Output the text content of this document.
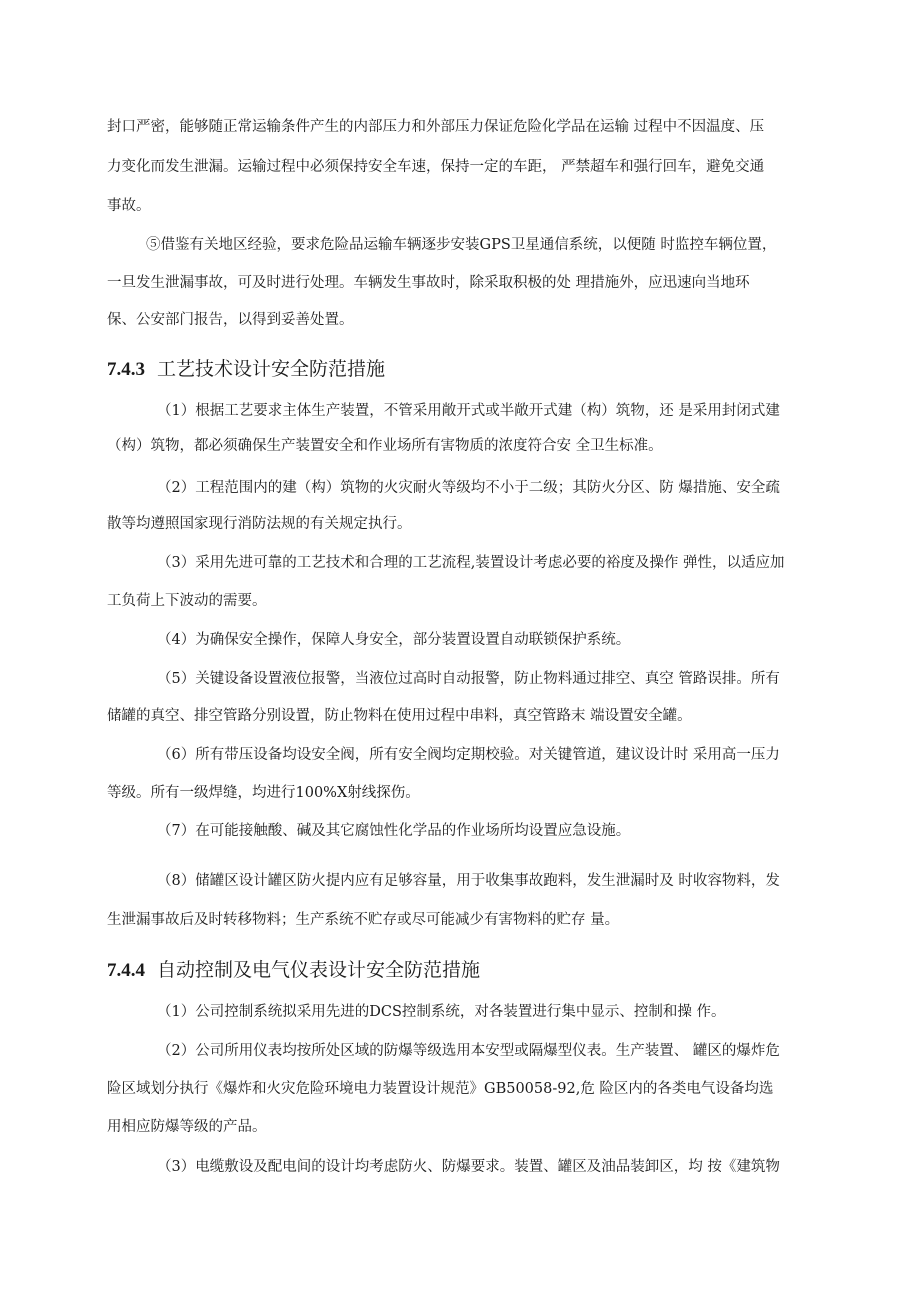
封口严密，能够随正常运输条件产生的内部压力和外部压力保证危险化学品在运输 过程中不因温度、压
力变化而发生泄漏。运输过程中必须保持安全车速，保持一定的车距， 严禁超车和强行回车，避免交通
事故。
⑤借鉴有关地区经验，要求危险品运输车辆逐步安装GPS卫星通信系统，以便随 时监控车辆位置，
一旦发生泄漏事故，可及时进行处理。车辆发生事故时，除采取积极的处 理措施外，应迅速向当地环
保、公安部门报告，以得到妥善处置。
7.4.3 工艺技术设计安全防范措施
（1）根据工艺要求主体生产装置，不管采用敞开式或半敞开式建（构）筑物，还 是采用封闭式建
（构）筑物，都必须确保生产装置安全和作业场所有害物质的浓度符合安 全卫生标准。
（2）工程范围内的建（构）筑物的火灾耐火等级均不小于二级；其防火分区、防 爆措施、安全疏
散等均遵照国家现行消防法规的有关规定执行。
（3）采用先进可靠的工艺技术和合理的工艺流程,装置设计考虑必要的裕度及操作 弹性，以适应加
工负荷上下波动的需要。
（4）为确保安全操作，保障人身安全，部分装置设置自动联锁保护系统。
（5）关键设备设置液位报警，当液位过高时自动报警，防止物料通过排空、真空 管路误排。所有
储罐的真空、排空管路分别设置，防止物料在使用过程中串料，真空管路末 端设置安全罐。
（6）所有带压设备均设安全阀，所有安全阀均定期校验。对关键管道，建议设计时 采用高一压力
等级。所有一级焊缝，均进行100%X射线探伤。
（7）在可能接触酸、碱及其它腐蚀性化学品的作业场所均设置应急设施。
（8）储罐区设计罐区防火提内应有足够容量，用于收集事故跑料，发生泄漏时及 时收容物料，发
生泄漏事故后及时转移物料；生产系统不贮存或尽可能减少有害物料的贮存 量。
7.4.4 自动控制及电气仪表设计安全防范措施
（1）公司控制系统拟采用先进的DCS控制系统，对各装置进行集中显示、控制和操 作。
（2）公司所用仪表均按所处区域的防爆等级选用本安型或隔爆型仪表。生产装置、 罐区的爆炸危
险区域划分执行《爆炸和火灾危险环境电力装置设计规范》GB50058-92,危 险区内的各类电气设备均选
用相应防爆等级的产品。
（3）电缆敷设及配电间的设计均考虑防火、防爆要求。装置、罐区及油品装卸区，均 按《建筑物
